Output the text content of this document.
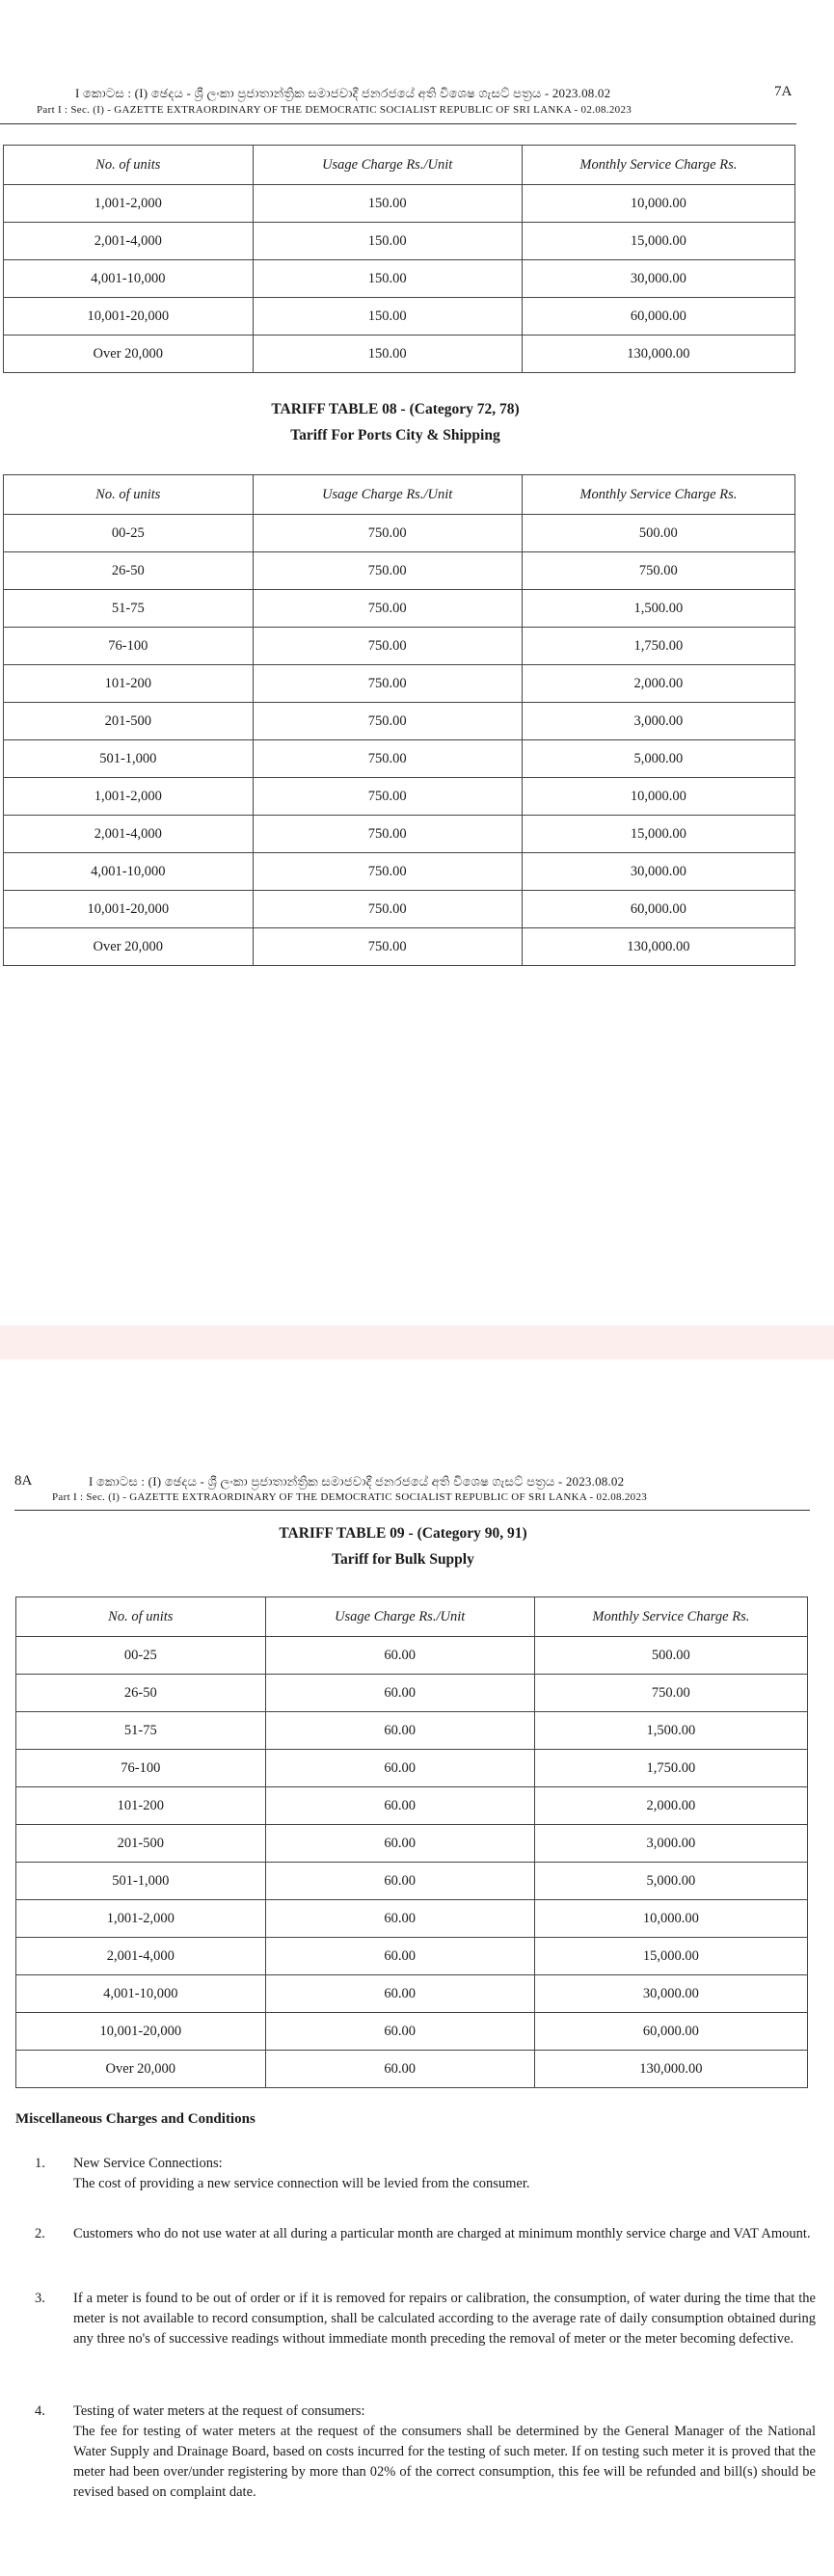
I කොටස : (I) ඡෙදය - ශ්‍රී ලංකා ප්‍රජාතාන්ත්‍රික සමාජවාදී ජනරජයේ අති විශෙෂ ගැසට් පත්‍රය - 2023.08.02	7A
Part I : Sec. (I) - GAZETTE EXTRAORDINARY OF THE DEMOCRATIC SOCIALIST REPUBLIC OF SRI LANKA - 02.08.2023
No. of units	Usage Charge Rs./Unit	Monthly Service Charge Rs.
1,001-2,000	150.00	10,000.00
2,001-4,000	150.00	15,000.00
4,001-10,000	150.00	30,000.00
10,001-20,000	150.00	60,000.00
Over 20,000	150.00	130,000.00
TARIFF TABLE 08 - (Category 72, 78)
Tariff For Ports City & Shipping
No. of units	Usage Charge Rs./Unit	Monthly Service Charge Rs.
00-25	750.00	500.00
26-50	750.00	750.00
51-75	750.00	1,500.00
76-100	750.00	1,750.00
101-200	750.00	2,000.00
201-500	750.00	3,000.00
501-1,000	750.00	5,000.00
1,001-2,000	750.00	10,000.00
2,001-4,000	750.00	15,000.00
4,001-10,000	750.00	30,000.00
10,001-20,000	750.00	60,000.00
Over 20,000	750.00	130,000.00
8A	I කොටස : (I) ඡෙදය - ශ්‍රී ලංකා ප්‍රජාතාන්ත්‍රික සමාජවාදී ජනරජයේ අති විශෙෂ ගැසට් පත්‍රය - 2023.08.02
Part I : Sec. (I) - GAZETTE EXTRAORDINARY OF THE DEMOCRATIC SOCIALIST REPUBLIC OF SRI LANKA - 02.08.2023
TARIFF TABLE 09 - (Category 90, 91)
Tariff for Bulk Supply
No. of units	Usage Charge Rs./Unit	Monthly Service Charge Rs.
00-25	60.00	500.00
26-50	60.00	750.00
51-75	60.00	1,500.00
76-100	60.00	1,750.00
101-200	60.00	2,000.00
201-500	60.00	3,000.00
501-1,000	60.00	5,000.00
1,001-2,000	60.00	10,000.00
2,001-4,000	60.00	15,000.00
4,001-10,000	60.00	30,000.00
10,001-20,000	60.00	60,000.00
Over 20,000	60.00	130,000.00
Miscellaneous Charges and Conditions
1. New Service Connections:
The cost of providing a new service connection will be levied from the consumer.
2. Customers who do not use water at all during a particular month are charged at minimum monthly service charge and VAT Amount.
3. If a meter is found to be out of order or if it is removed for repairs or calibration, the consumption, of water during the time that the meter is not available to record consumption, shall be calculated according to the average rate of daily consumption obtained during any three no's of successive readings without immediate month preceding the removal of meter or the meter becoming defective.
4. Testing of water meters at the request of consumers:
The fee for testing of water meters at the request of the consumers shall be determined by the General Manager of the National Water Supply and Drainage Board, based on costs incurred for the testing of such meter. If on testing such meter it is proved that the meter had been over/under registering by more than 02% of the correct consumption, this fee will be refunded and bill(s) should be revised based on complaint date.
